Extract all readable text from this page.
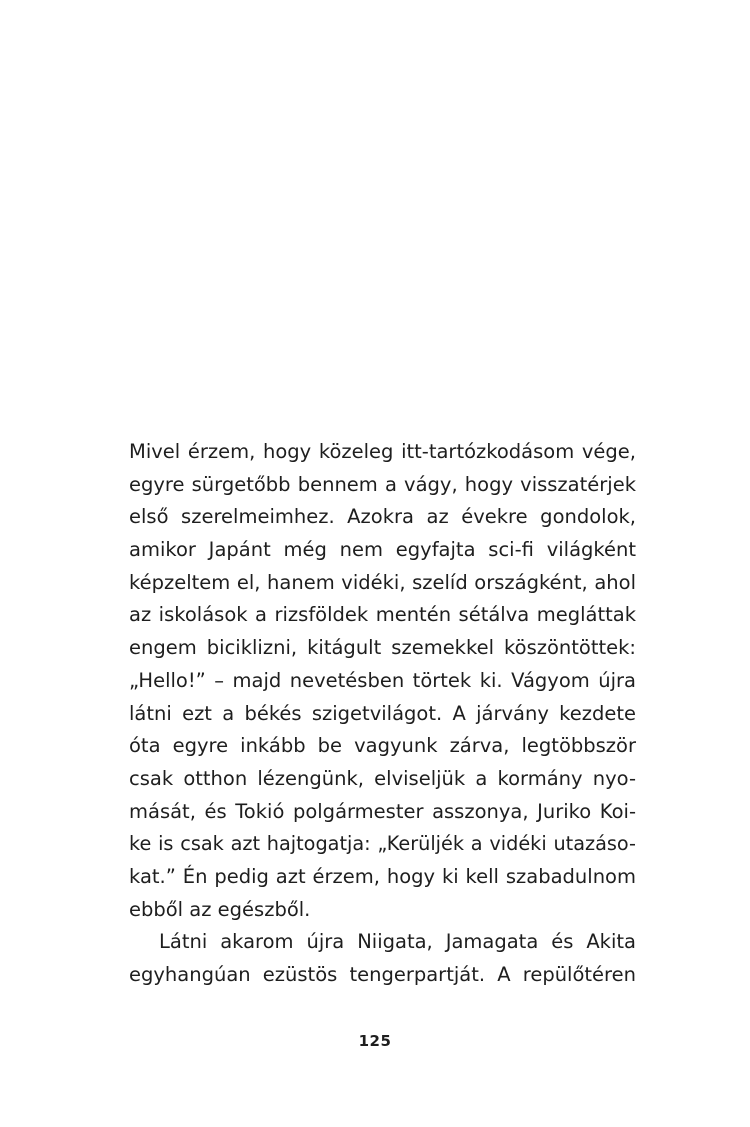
Mivel érzem, hogy közeleg itt-tartózkodásom vége,
egyre sürgetőbb bennem a vágy, hogy visszatérjek
első szerelmeimhez. Azokra az évekre gondolok,
amikor Japánt még nem egyfajta sci-fi világként
képzeltem el, hanem vidéki, szelíd országként, ahol
az iskolások a rizsföldek mentén sétálva megláttak
engem biciklizni, kitágult szemekkel köszöntöttek:
„Hello!” – majd nevetésben törtek ki. Vágyom újra
látni ezt a békés szigetvilágot. A járvány kezdete
óta egyre inkább be vagyunk zárva, legtöbbször
csak otthon lézengünk, elviseljük a kormány nyo-
mását, és Tokió polgármester asszonya, Juriko Koi-
ke is csak azt hajtogatja: „Kerüljék a vidéki utazáso-
kat.” Én pedig azt érzem, hogy ki kell szabadulnom
ebből az egészből.
Látni akarom újra Niigata, Jamagata és Akita
egyhangúan ezüstös tengerpartját. A repülőtéren
125
